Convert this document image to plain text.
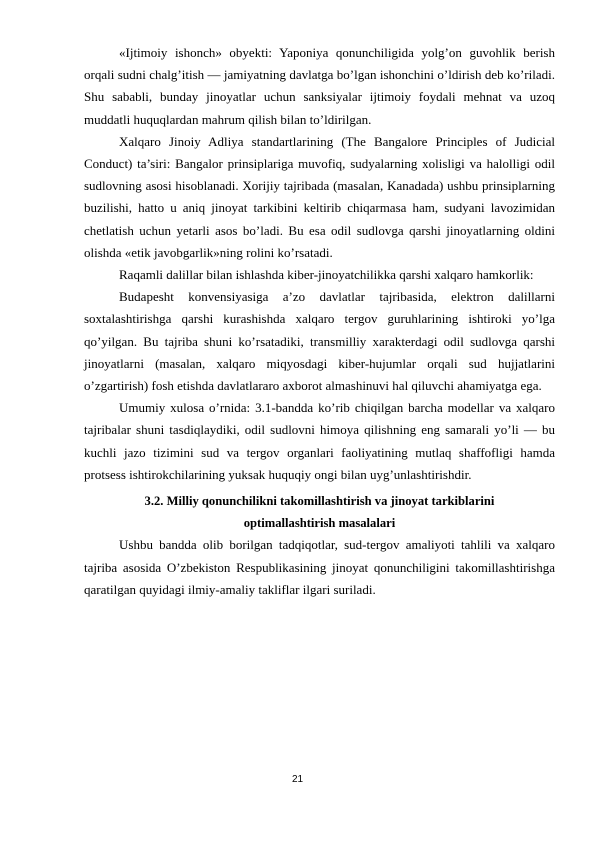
«Ijtimoiy ishonch» obyekti: Yaponiya qonunchiligida yolg’on guvohlik berish orqali sudni chalg’itish — jamiyatning davlatga bo’lgan ishonchini o’ldirish deb ko’riladi. Shu sababli, bunday jinoyatlar uchun sanksiyalar ijtimoiy foydali mehnat va uzoq muddatli huquqlardan mahrum qilish bilan to’ldirilgan.

Xalqaro Jinoiy Adliya standartlarining (The Bangalore Principles of Judicial Conduct) ta’siri: Bangalor prinsiplariga muvofiq, sudyalarning xolisligi va halolligi odil sudlovning asosi hisoblanadi. Xorijiy tajribada (masalan, Kanadada) ushbu prinsiplarning buzilishi, hatto u aniq jinoyat tarkibini keltirib chiqarmasa ham, sudyani lavozimidan chetlatish uchun yetarli asos bo’ladi. Bu esa odil sudlovga qarshi jinoyatlarning oldini olishda «etik javobgarlik»ning rolini ko’rsatadi.

Raqamli dalillar bilan ishlashda kiber-jinoyatchilikka qarshi xalqaro hamkorlik:

Budapesht konvensiyasiga a’zo davlatlar tajribasida, elektron dalillarni soxtalashtirishga qarshi kurashishda xalqaro tergov guruhlarining ishtiroki yo’lga qo’yilgan. Bu tajriba shuni ko’rsatadiki, transmilliy xarakterdagi odil sudlovga qarshi jinoyatlarni (masalan, xalqaro miqyosdagi kiber-hujumlar orqali sud hujjatlarini o’zgartirish) fosh etishda davlatlararo axborot almashinuvi hal qiluvchi ahamiyatga ega.

Umumiy xulosa o’rnida: 3.1-bandda ko’rib chiqilgan barcha modellar va xalqaro tajribalar shuni tasdiqlaydiki, odil sudlovni himoya qilishning eng samarali yo’li — bu kuchli jazo tizimini sud va tergov organlari faoliyatining mutlaq shaffofligi hamda protsess ishtirokchilarining yuksak huquqiy ongi bilan uyg’unlashtirishdir.

3.2. Milliy qonunchilikni takomillashtirish va jinoyat tarkiblarini
optimallashtirish masalalari

Ushbu bandda olib borilgan tadqiqotlar, sud-tergov amaliyoti tahlili va xalqaro tajriba asosida O’zbekiston Respublikasining jinoyat qonunchiligini takomillashtirishga qaratilgan quyidagi ilmiy-amaliy takliflar ilgari suriladi.

21
